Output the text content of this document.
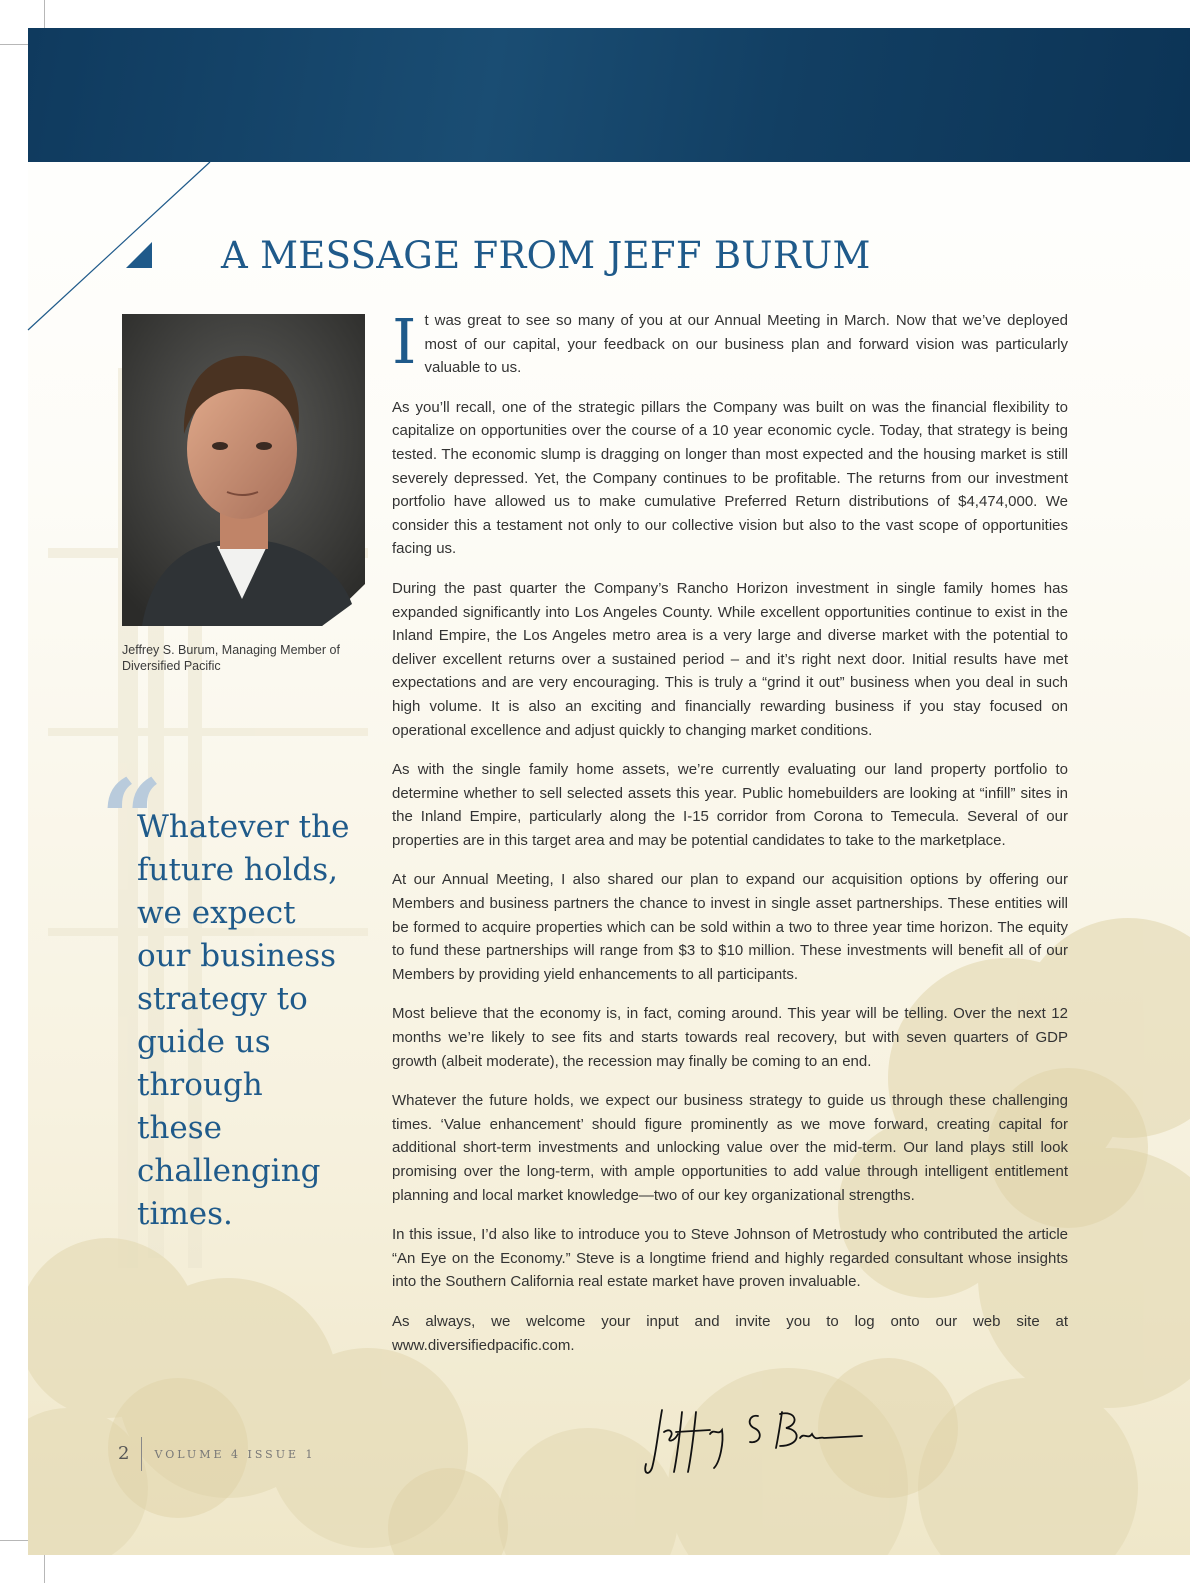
A MESSAGE FROM JEFF BURUM
Jeffrey S. Burum, Managing Member of Diversified Pacific
“
Whatever the future holds, we expect our business strategy to guide us through these challenging times.

It was great to see so many of you at our Annual Meeting in March. Now that we’ve deployed most of our capital, your feedback on our business plan and forward vision was particularly valuable to us.

As you’ll recall, one of the strategic pillars the Company was built on was the financial flexibility to capitalize on opportunities over the course of a 10 year economic cycle. Today, that strategy is being tested. The economic slump is dragging on longer than most expected and the housing market is still severely depressed. Yet, the Company continues to be profitable. The returns from our investment portfolio have allowed us to make cumulative Preferred Return distributions of $4,474,000. We consider this a testament not only to our collective vision but also to the vast scope of opportunities facing us.

During the past quarter the Company’s Rancho Horizon investment in single family homes has expanded significantly into Los Angeles County. While excellent opportunities continue to exist in the Inland Empire, the Los Angeles metro area is a very large and diverse market with the potential to deliver excellent returns over a sustained period – and it’s right next door. Initial results have met expectations and are very encouraging. This is truly a “grind it out” business when you deal in such high volume. It is also an exciting and financially rewarding business if you stay focused on operational excellence and adjust quickly to changing market conditions.

As with the single family home assets, we’re currently evaluating our land property portfolio to determine whether to sell selected assets this year. Public homebuilders are looking at “infill” sites in the Inland Empire, particularly along the I-15 corridor from Corona to Temecula. Several of our properties are in this target area and may be potential candidates to take to the marketplace.

At our Annual Meeting, I also shared our plan to expand our acquisition options by offering our Members and business partners the chance to invest in single asset partnerships. These entities will be formed to acquire properties which can be sold within a two to three year time horizon. The equity to fund these partnerships will range from $3 to $10 million. These investments will benefit all of our Members by providing yield enhancements to all participants.

Most believe that the economy is, in fact, coming around. This year will be telling. Over the next 12 months we’re likely to see fits and starts towards real recovery, but with seven quarters of GDP growth (albeit moderate), the recession may finally be coming to an end.

Whatever the future holds, we expect our business strategy to guide us through these challenging times. ‘Value enhancement’ should figure prominently as we move forward, creating capital for additional short-term investments and unlocking value over the mid-term. Our land plays still look promising over the long-term, with ample opportunities to add value through intelligent entitlement planning and local market knowledge—two of our key organizational strengths.

In this issue, I’d also like to introduce you to Steve Johnson of Metrostudy who contributed the article “An Eye on the Economy.” Steve is a longtime friend and highly regarded consultant whose insights into the Southern California real estate market have proven invaluable.

As always, we welcome your input and invite you to log onto our web site at www.diversifiedpacific.com.

2	VOLUME 4 ISSUE 1
